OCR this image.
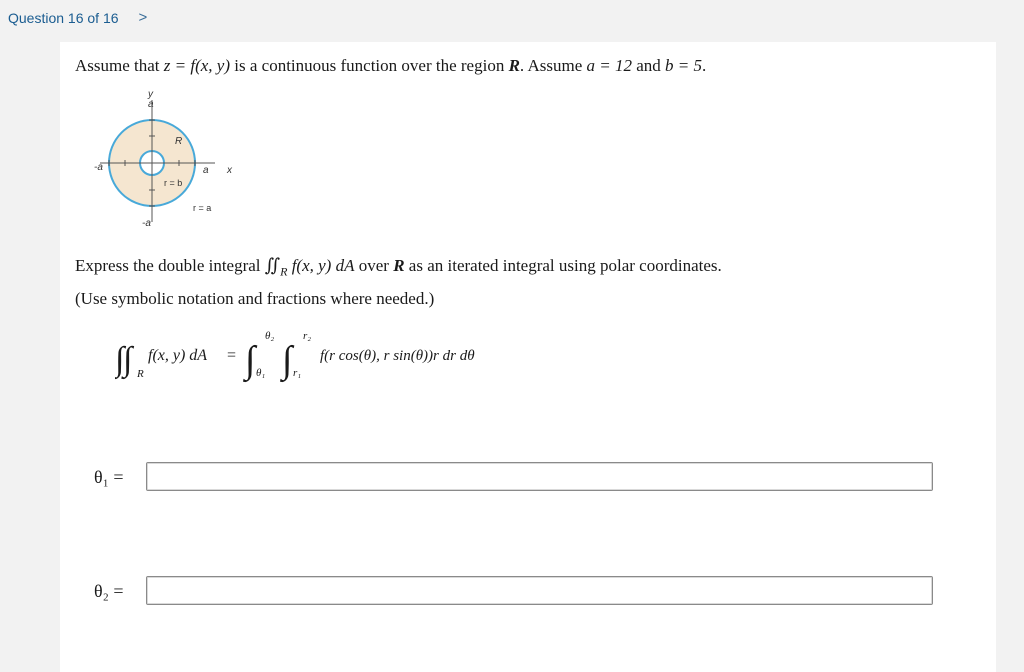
Question 16 of 16 >
Assume that z = f(x, y) is a continuous function over the region R. Assume a = 12 and b = 5.
y
a
-a
-a	a x
R
r = b
r = a
Express the double integral $∬_R$ f(x, y) dA over R as an iterated integral using polar coordinates.
(Use symbolic notation and fractions where needed.)
∫
∫ R
f(x, y) dA = ∫
θ₂
θ₁ ∫
r₂
r₁
f(r cos(θ), r sin(θ))r dr dθ
θ₁ =
θ₂ =
